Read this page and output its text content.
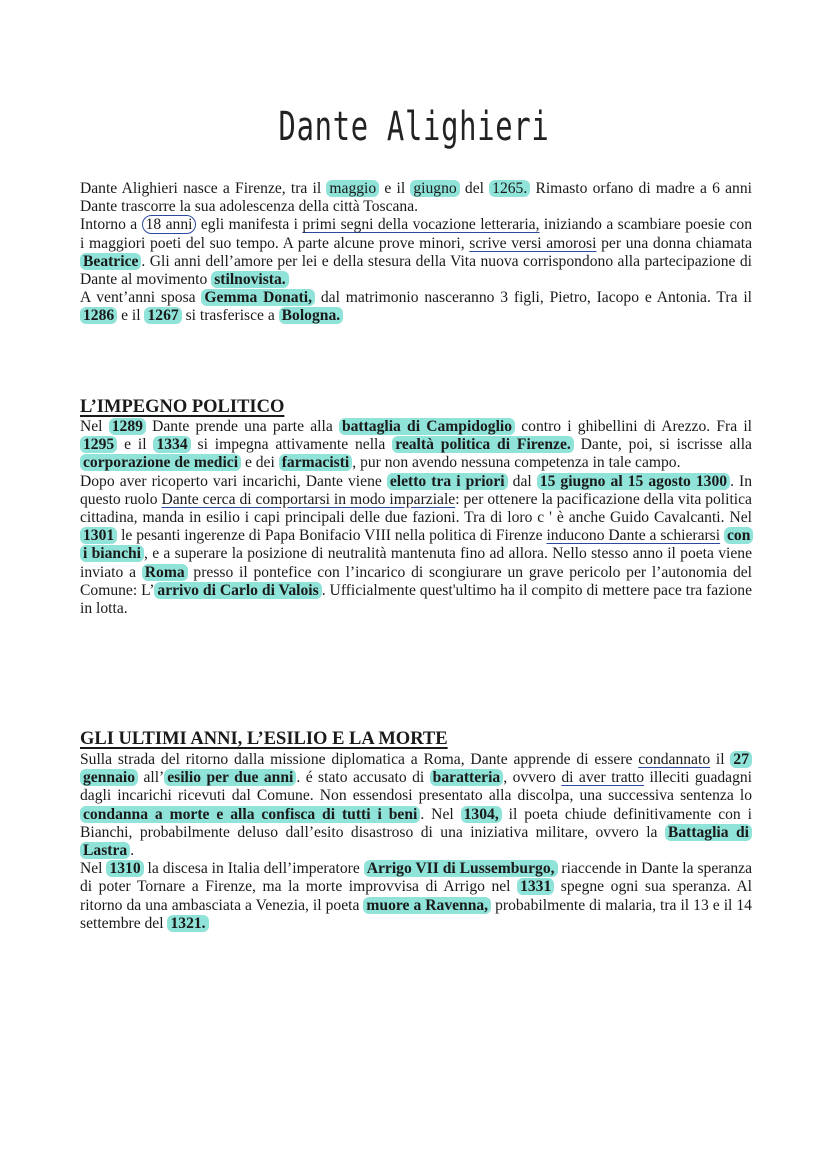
Dante Alighieri
Dante Alighieri nasce a Firenze, tra il maggio e il giugno del 1265. Rimasto orfano di madre a 6 anni Dante trascorre la sua adolescenza della città Toscana.
Intorno a 18 anni egli manifesta i primi segni della vocazione letteraria, iniziando a scambiare poesie con i maggiori poeti del suo tempo. A parte alcune prove minori, scrive versi amorosi per una donna chiamata Beatrice . Gli anni dell’amore per lei e della stesura della Vita nuova corrispondono alla partecipazione di Dante al movimento stilnovista.
A vent’anni sposa Gemma Donati, dal matrimonio nasceranno 3 figli, Pietro, Iacopo e Antonia. Tra il 1286 e il 1267 si trasferisce a Bologna.
L’IMPEGNO POLITICO
Nel 1289 Dante prende una parte alla battaglia di Campidoglio contro i ghibellini di Arezzo. Fra il 1295 e il 1334 si impegna attivamente nella realtà politica di Firenze. Dante, poi, si iscrisse alla corporazione de medici e dei farmacisti , pur non avendo nessuna competenza in tale campo.
Dopo aver ricoperto vari incarichi, Dante viene eletto tra i priori dal 15 giugno al 15 agosto 1300 . In questo ruolo Dante cerca di comportarsi in modo imparziale: per ottenere la pacificazione della vita politica cittadina, manda in esilio i capi principali delle due fazioni. Tra di loro c ' è anche Guido Cavalcanti. Nel 1301 le pesanti ingerenze di Papa Bonifacio VIII nella politica di Firenze inducono Dante a schierarsi con i bianchi , e a superare la posizione di neutralità mantenuta fino ad allora. Nello stesso anno il poeta viene inviato a Roma presso il pontefice con l’incarico di scongiurare un grave pericolo per l’autonomia del Comune: L’ arrivo di Carlo di Valois . Ufficialmente quest'ultimo ha il compito di mettere pace tra fazione in lotta.
GLI ULTIMI ANNI, L’ESILIO E LA MORTE
Sulla strada del ritorno dalla missione diplomatica a Roma, Dante apprende di essere condannato il 27 gennaio all’ esilio per due anni . é stato accusato di baratteria , ovvero di aver tratto illeciti guadagni dagli incarichi ricevuti dal Comune. Non essendosi presentato alla discolpa, una successiva sentenza lo condanna a morte e alla confisca di tutti i beni . Nel 1304, il poeta chiude definitivamente con i Bianchi, probabilmente deluso dall’esito disastroso di una iniziativa militare, ovvero la Battaglia di Lastra .
Nel 1310 la discesa in Italia dell’imperatore Arrigo VII di Lussemburgo, riaccende in Dante la speranza di poter Tornare a Firenze, ma la morte improvvisa di Arrigo nel 1331 spegne ogni sua speranza. Al ritorno da una ambasciata a Venezia, il poeta muore a Ravenna, probabilmente di malaria, tra il 13 e il 14 settembre del 1321.
